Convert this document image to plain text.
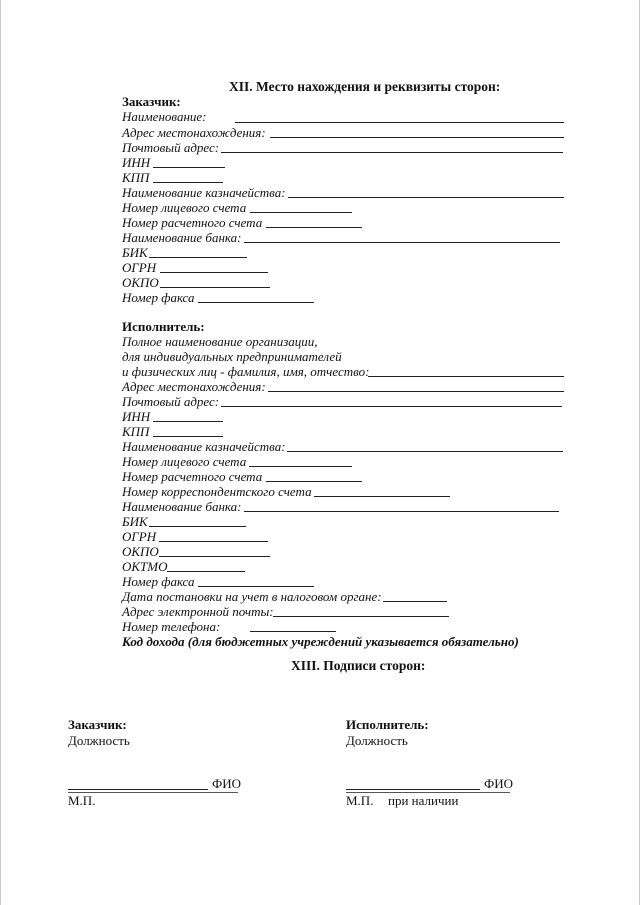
XII. Место нахождения и реквизиты сторон:
Заказчик:
Наименование:
Адрес местонахождения:
Почтовый адрес:
ИНН
КПП
Наименование казначейства:
Номер лицевого счета
Номер расчетного счета
Наименование банка:
БИК
ОГРН
ОКПО
Номер факса
Исполнитель:
Полное наименование организации,
для индивидуальных предпринимателей
и физических лиц - фамилия, имя, отчество:
Адрес местонахождения:
Почтовый адрес:
ИНН
КПП
Наименование казначейства:
Номер лицевого счета
Номер расчетного счета
Номер корреспондентского счета
Наименование банка:
БИК
ОГРН
ОКПО
ОКТМО
Номер факса
Дата постановки на учет в налоговом органе:
Адрес электронной почты:
Номер телефона:
Код дохода (для бюджетных учреждений указывается обязательно)
XIII. Подписи сторон:
Заказчик:
Должность
ФИО
М.П.
Исполнитель:
Должность
ФИО
М.П. при наличии
